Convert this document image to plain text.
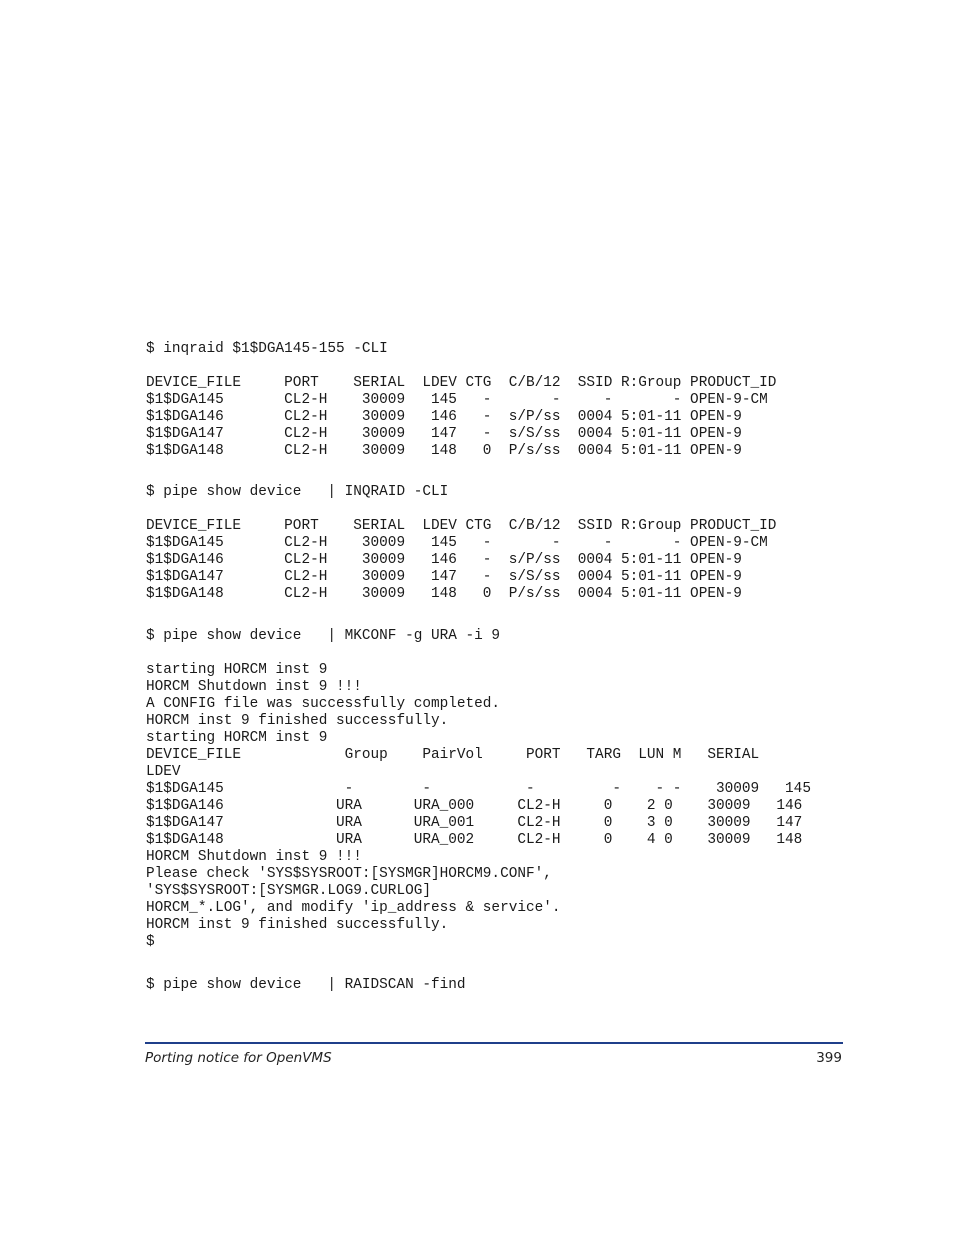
$ inqraid $1$DGA145-155 -CLI
DEVICE_FILE     PORT    SERIAL  LDEV CTG  C/B/12  SSID R:Group PRODUCT_ID
$1$DGA145       CL2-H    30009   145   -       -     -       - OPEN-9-CM
$1$DGA146       CL2-H    30009   146   -  s/P/ss  0004 5:01-11 OPEN-9
$1$DGA147       CL2-H    30009   147   -  s/S/ss  0004 5:01-11 OPEN-9
$1$DGA148       CL2-H    30009   148   0  P/s/ss  0004 5:01-11 OPEN-9
$ pipe show device   | INQRAID -CLI
DEVICE_FILE     PORT    SERIAL  LDEV CTG  C/B/12  SSID R:Group PRODUCT_ID
$1$DGA145       CL2-H    30009   145   -       -     -       - OPEN-9-CM
$1$DGA146       CL2-H    30009   146   -  s/P/ss  0004 5:01-11 OPEN-9
$1$DGA147       CL2-H    30009   147   -  s/S/ss  0004 5:01-11 OPEN-9
$1$DGA148       CL2-H    30009   148   0  P/s/ss  0004 5:01-11 OPEN-9
$ pipe show device   | MKCONF -g URA -i 9
starting HORCM inst 9
HORCM Shutdown inst 9 !!!
A CONFIG file was successfully completed.
HORCM inst 9 finished successfully.
starting HORCM inst 9
DEVICE_FILE            Group    PairVol     PORT   TARG  LUN M   SERIAL
LDEV
$1$DGA145              -        -           -         -    - -    30009   145
$1$DGA146             URA      URA_000     CL2-H     0    2 0    30009   146
$1$DGA147             URA      URA_001     CL2-H     0    3 0    30009   147
$1$DGA148             URA      URA_002     CL2-H     0    4 0    30009   148
HORCM Shutdown inst 9 !!!
Please check 'SYS$SYSROOT:[SYSMGR]HORCM9.CONF',
'SYS$SYSROOT:[SYSMGR.LOG9.CURLOG]
HORCM_*.LOG', and modify 'ip_address & service'.
HORCM inst 9 finished successfully.
$
$ pipe show device   | RAIDSCAN -find
Porting notice for OpenVMS	399
